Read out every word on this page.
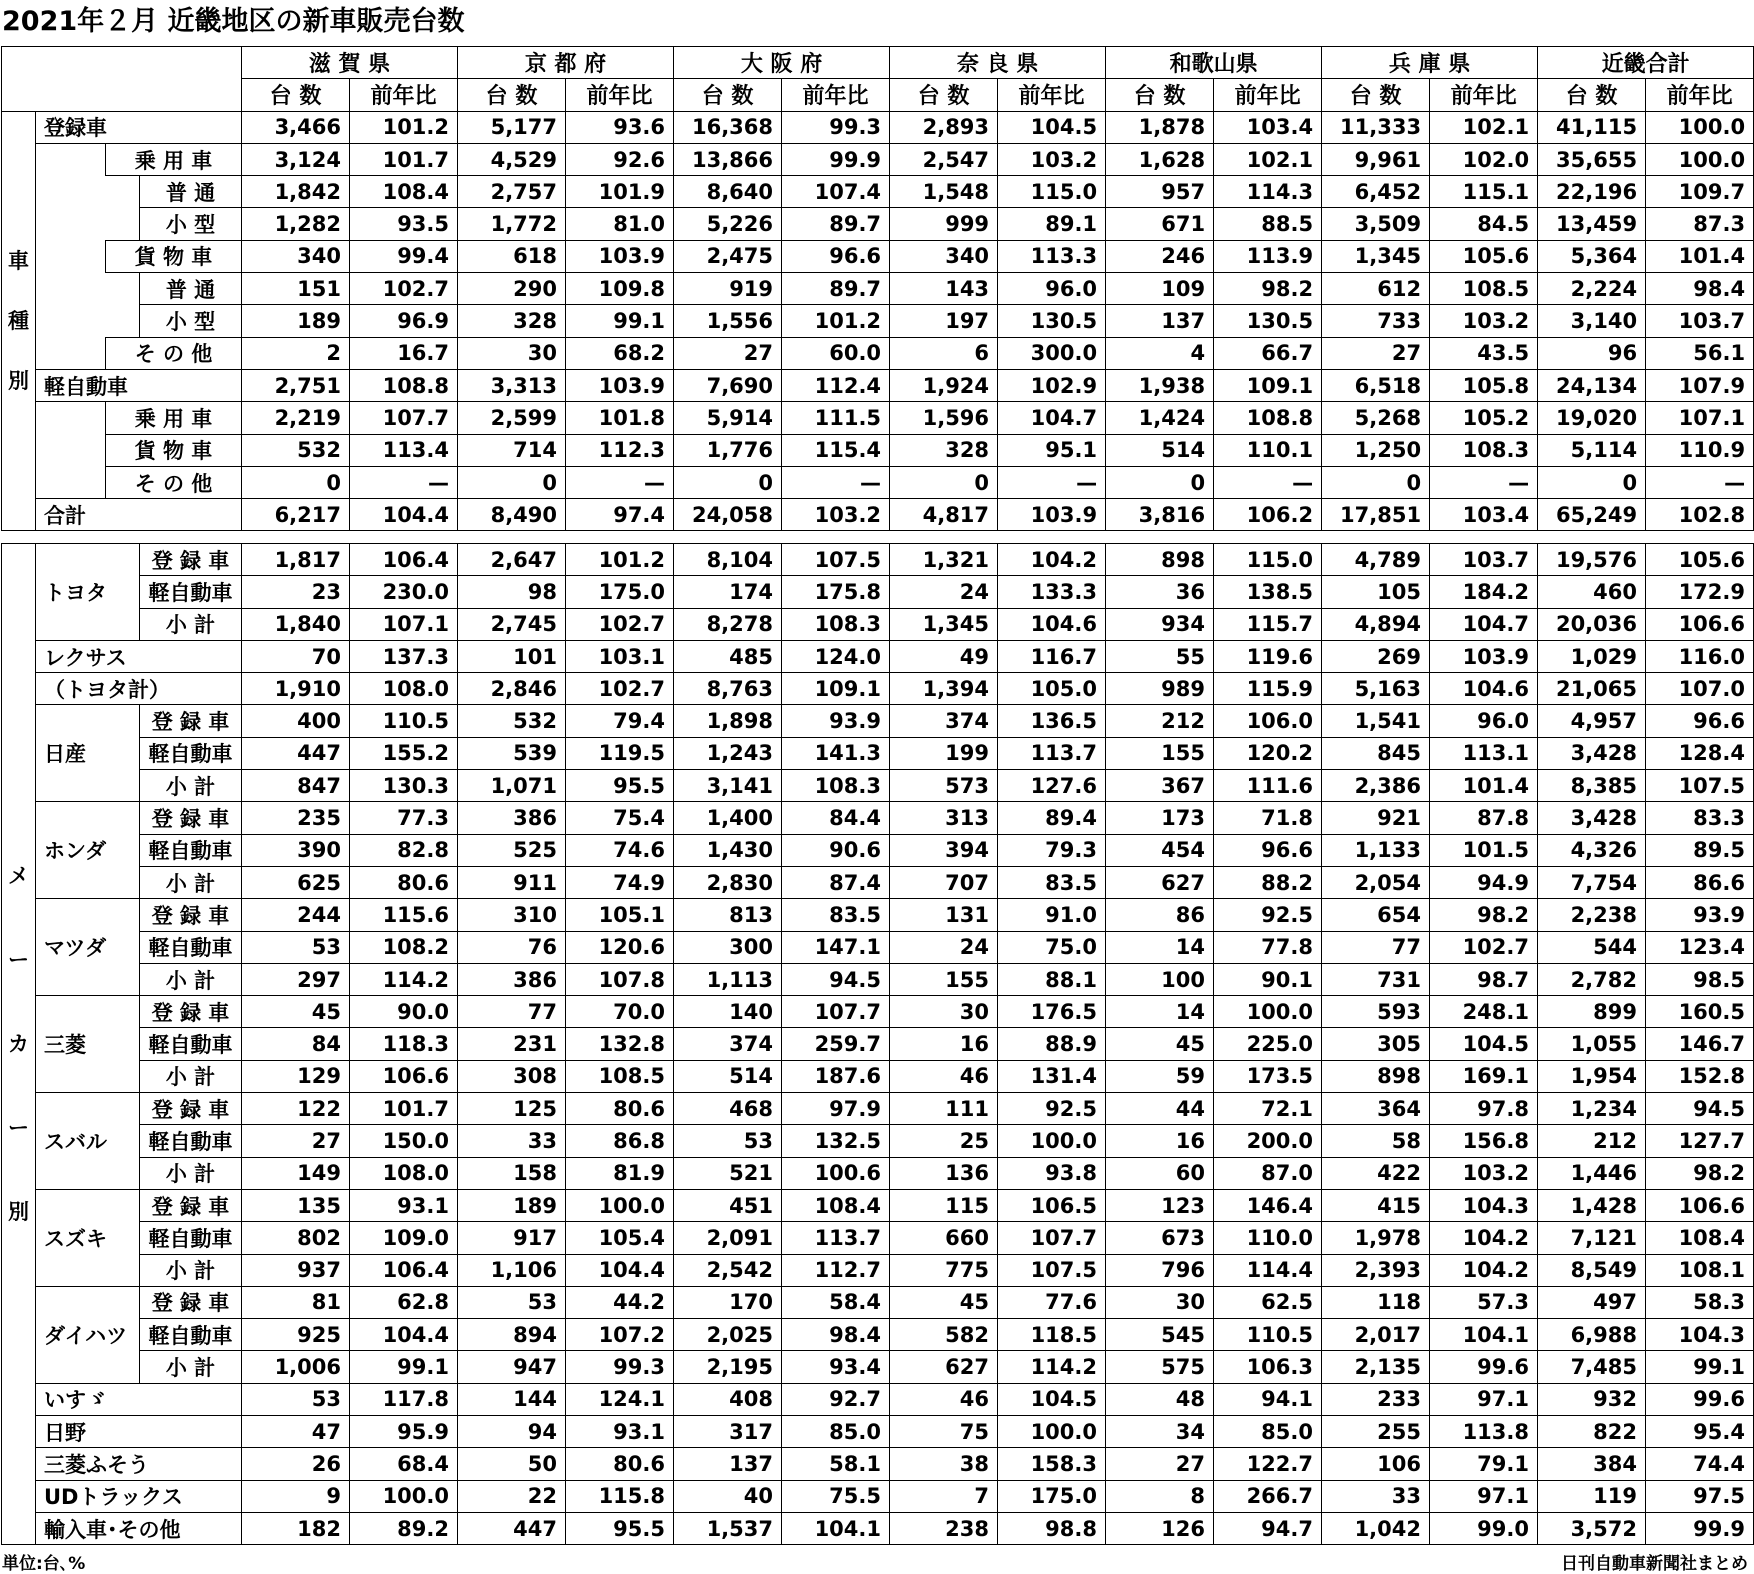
2021年２月 近畿地区の新車販売台数
				滋 賀 県		京 都 府		大 阪 府		奈 良 県		和歌山県		兵 庫 県		近畿合計	
				台 数	前年比	台 数	前年比	台 数	前年比	台 数	前年比	台 数	前年比	台 数	前年比	台 数	前年比

車
種
別	登録車			3,466	101.2	5,177	93.6	16,368	99.3	2,893	104.5	1,878	103.4	11,333	102.1	41,115	100.0
		乗 用 車		3,124	101.7	4,529	92.6	13,866	99.9	2,547	103.2	1,628	102.1	9,961	102.0	35,655	100.0
			普 通	1,842	108.4	2,757	101.9	8,640	107.4	1,548	115.0	957	114.3	6,452	115.1	22,196	109.7
			小 型	1,282	93.5	1,772	81.0	5,226	89.7	999	89.1	671	88.5	3,509	84.5	13,459	87.3
		貨 物 車		340	99.4	618	103.9	2,475	96.6	340	113.3	246	113.9	1,345	105.6	5,364	101.4
			普 通	151	102.7	290	109.8	919	89.7	143	96.0	109	98.2	612	108.5	2,224	98.4
			小 型	189	96.9	328	99.1	1,556	101.2	197	130.5	137	130.5	733	103.2	3,140	103.7
		そ の 他		2	16.7	30	68.2	27	60.0	6	300.0	4	66.7	27	43.5	96	56.1
	軽自動車			2,751	108.8	3,313	103.9	7,690	112.4	1,924	102.9	1,938	109.1	6,518	105.8	24,134	107.9
		乗 用 車		2,219	107.7	2,599	101.8	5,914	111.5	1,596	104.7	1,424	108.8	5,268	105.2	19,020	107.1
		貨 物 車		532	113.4	714	112.3	1,776	115.4	328	95.1	514	110.1	1,250	108.3	5,114	110.9
		そ の 他		0	—	0	—	0	—	0	—	0	—	0	—	0	—
	合計			6,217	104.4	8,490	97.4	24,058	103.2	4,817	103.9	3,816	106.2	17,851	103.4	65,249	102.8
メ
ー
カ
ー
別	トヨタ	登 録 車	1,817	106.4	2,647	101.2	8,104	107.5	1,321	104.2	898	115.0	4,789	103.7	19,576	105.6
		軽自動車	23	230.0	98	175.0	174	175.8	24	133.3	36	138.5	105	184.2	460	172.9
		小 計	1,840	107.1	2,745	102.7	8,278	108.3	1,345	104.6	934	115.7	4,894	104.7	20,036	106.6
	レクサス		70	137.3	101	103.1	485	124.0	49	116.7	55	119.6	269	103.9	1,029	116.0
	（トヨタ計）		1,910	108.0	2,846	102.7	8,763	109.1	1,394	105.0	989	115.9	5,163	104.6	21,065	107.0
	日産	登 録 車	400	110.5	532	79.4	1,898	93.9	374	136.5	212	106.0	1,541	96.0	4,957	96.6
		軽自動車	447	155.2	539	119.5	1,243	141.3	199	113.7	155	120.2	845	113.1	3,428	128.4
		小 計	847	130.3	1,071	95.5	3,141	108.3	573	127.6	367	111.6	2,386	101.4	8,385	107.5
	ホンダ	登 録 車	235	77.3	386	75.4	1,400	84.4	313	89.4	173	71.8	921	87.8	3,428	83.3
		軽自動車	390	82.8	525	74.6	1,430	90.6	394	79.3	454	96.6	1,133	101.5	4,326	89.5
		小 計	625	80.6	911	74.9	2,830	87.4	707	83.5	627	88.2	2,054	94.9	7,754	86.6
	マツダ	登 録 車	244	115.6	310	105.1	813	83.5	131	91.0	86	92.5	654	98.2	2,238	93.9
		軽自動車	53	108.2	76	120.6	300	147.1	24	75.0	14	77.8	77	102.7	544	123.4
		小 計	297	114.2	386	107.8	1,113	94.5	155	88.1	100	90.1	731	98.7	2,782	98.5
	三菱	登 録 車	45	90.0	77	70.0	140	107.7	30	176.5	14	100.0	593	248.1	899	160.5
		軽自動車	84	118.3	231	132.8	374	259.7	16	88.9	45	225.0	305	104.5	1,055	146.7
		小 計	129	106.6	308	108.5	514	187.6	46	131.4	59	173.5	898	169.1	1,954	152.8
	スバル	登 録 車	122	101.7	125	80.6	468	97.9	111	92.5	44	72.1	364	97.8	1,234	94.5
		軽自動車	27	150.0	33	86.8	53	132.5	25	100.0	16	200.0	58	156.8	212	127.7
		小 計	149	108.0	158	81.9	521	100.6	136	93.8	60	87.0	422	103.2	1,446	98.2
	スズキ	登 録 車	135	93.1	189	100.0	451	108.4	115	106.5	123	146.4	415	104.3	1,428	106.6
		軽自動車	802	109.0	917	105.4	2,091	113.7	660	107.7	673	110.0	1,978	104.2	7,121	108.4
		小 計	937	106.4	1,106	104.4	2,542	112.7	775	107.5	796	114.4	2,393	104.2	8,549	108.1
	ダイハツ	登 録 車	81	62.8	53	44.2	170	58.4	45	77.6	30	62.5	118	57.3	497	58.3
		軽自動車	925	104.4	894	107.2	2,025	98.4	582	118.5	545	110.5	2,017	104.1	6,988	104.3
		小 計	1,006	99.1	947	99.3	2,195	93.4	627	114.2	575	106.3	2,135	99.6	7,485	99.1
	いすゞ		53	117.8	144	124.1	408	92.7	46	104.5	48	94.1	233	97.1	932	99.6
	日野		47	95.9	94	93.1	317	85.0	75	100.0	34	85.0	255	113.8	822	95.4
	三菱ふそう		26	68.4	50	80.6	137	58.1	38	158.3	27	122.7	106	79.1	384	74.4
	UDトラックス		9	100.0	22	115.8	40	75.5	7	175.0	8	266.7	33	97.1	119	97.5
	輸入車･その他		182	89.2	447	95.5	1,537	104.1	238	98.8	126	94.7	1,042	99.0	3,572	99.9
単位:台､%	日刊自動車新聞社まとめ
